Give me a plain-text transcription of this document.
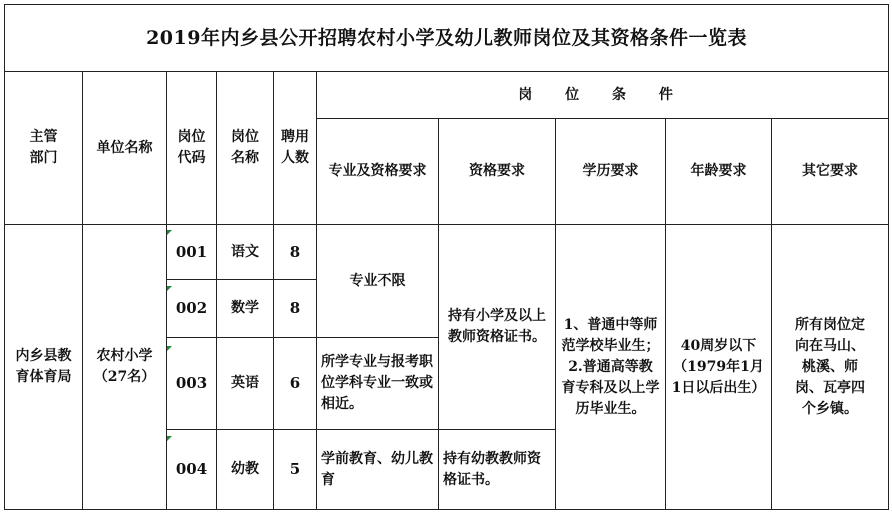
2019年内乡县公开招聘农村小学及幼儿教师岗位及其资格条件一览表									
主管部门	单位名称	岗位代码	岗位名称	聘用人数	岗 位 条 件				
					专业及资格要求	资格要求	学历要求	年龄要求	其它要求
内乡县教育体育局	农村小学（27名）	001	语文	8	专业不限	持有小学及以上教师资格证书。	1、普通中等师范学校毕业生；2.普通高等教育专科及以上学历毕业生。	40周岁以下（1979年1月1日以后出生）	所有岗位定向在马山、桃溪、师岗、瓦亭四个乡镇。
		002	数学	8					
		003	英语	6	所学专业与报考职位学科专业一致或相近。				
		004	幼教	5	学前教育、幼儿教育	持有幼教教师资格证书。			
